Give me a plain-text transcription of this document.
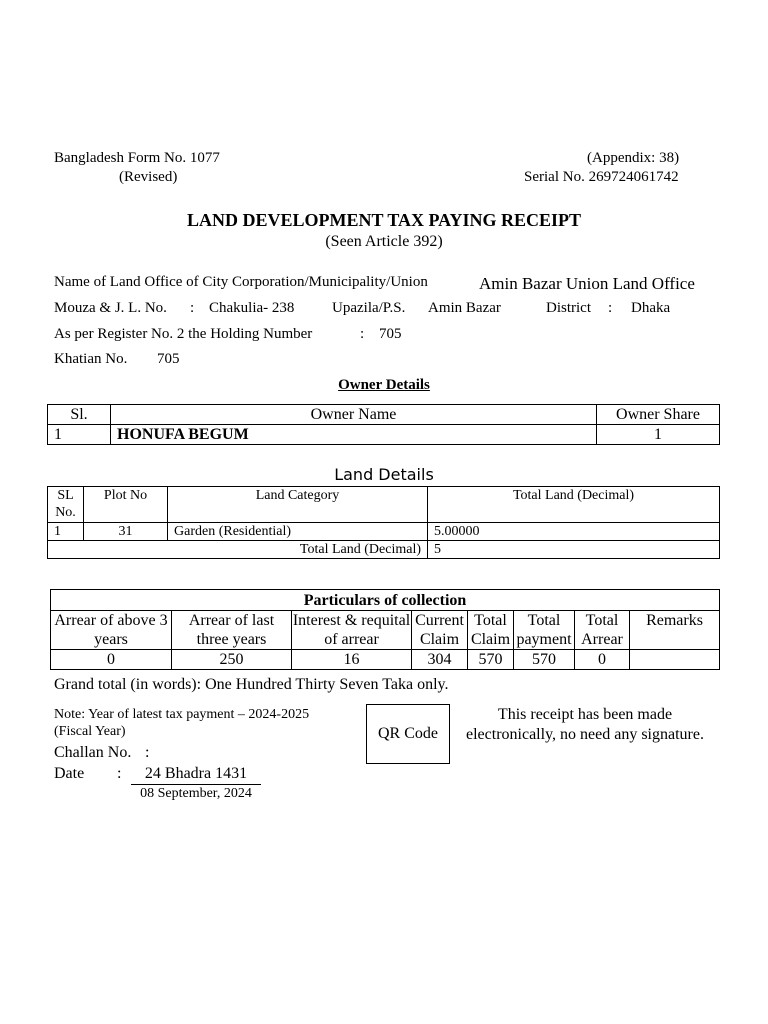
Bangladesh Form No. 1077
(Revised)
(Appendix: 38)
Serial No. 269724061742
LAND DEVELOPMENT TAX PAYING RECEIPT
(Seen Article 392)
Name of Land Office of City Corporation/Municipality/Union	Amin Bazar Union Land Office
Mouza & J. L. No. : Chakulia- 238	Upazila/P.S. Amin Bazar	District : Dhaka
As per Register No. 2 the Holding Number	: 705
Khatian No. 705
Owner Details
Sl.	Owner Name	Owner Share
1	HONUFA BEGUM	1
Land Details
SL No.	Plot No	Land Category	Total Land (Decimal)
1	31	Garden (Residential)	5.00000
Total Land (Decimal)			5
Particulars of collection							
Arrear of above 3 years	Arrear of last three years	Interest & requital of arrear	Current Claim	Total Claim	Total payment	Total Arrear	Remarks
0	250	16	304	570	570	0	
Grand total (in words): One Hundred Thirty Seven Taka only.
Note: Year of latest tax payment – 2024-2025
(Fiscal Year)
Challan No. :
Date :	24 Bhadra 1431
08 September, 2024
QR Code
This receipt has been made
electronically, no need any signature.
